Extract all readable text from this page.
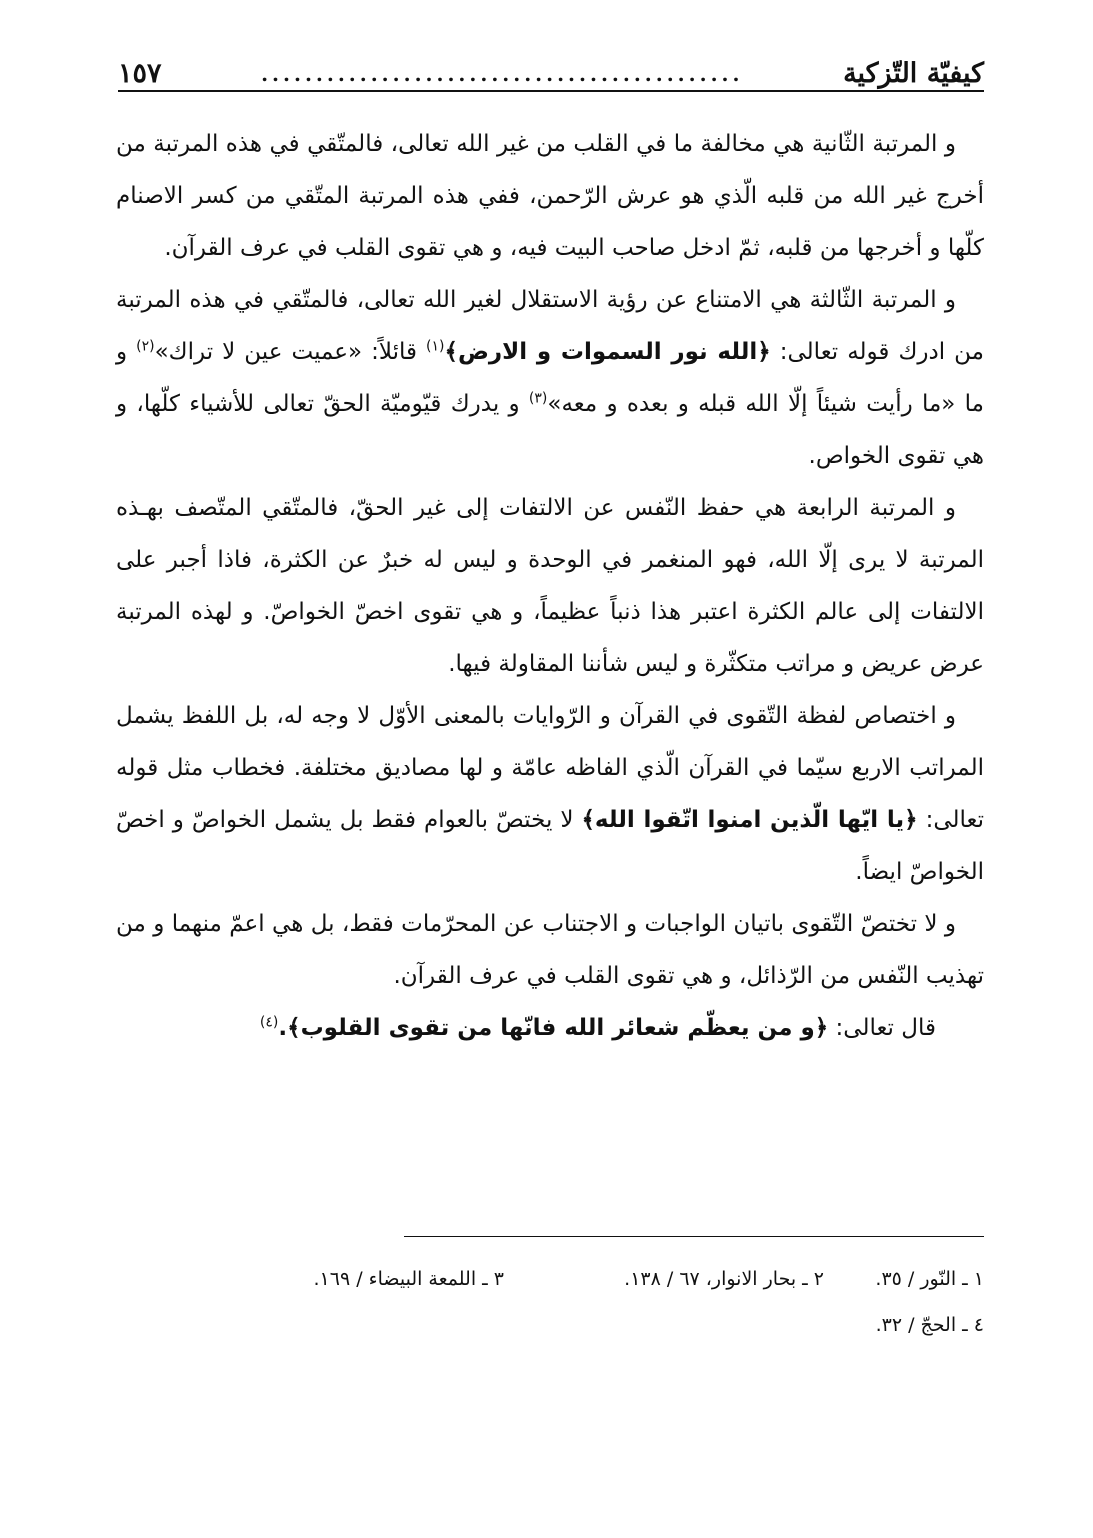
كيفيّة التّزكية
............................................
١٥٧

و المرتبة الثّانية هي مخالفة ما في القلب من غير الله تعالى، فالمتّقي في هذه المرتبة من أخرج غير الله من قلبه الّذي هو عرش الرّحمن، ففي هذه المرتبة المتّقي من كسر الاصنام كلّها و أخرجها من قلبه، ثمّ ادخل صاحب البيت فيه، و هي تقوى القلب في عرف القرآن.

و المرتبة الثّالثة هي الامتناع عن رؤية الاستقلال لغير الله تعالى، فالمتّقي في هذه المرتبة من ادرك قوله تعالى: ﴿الله نور السموات و الارض﴾$^{(١)}$ قائلاً: «عميت عين لا تراك»$^{(٢)}$ و ما «ما رأيت شيئاً إلّا الله قبله و بعده و معه»$^{(٣)}$ و يدرك قيّوميّة الحقّ تعالى للأشياء كلّها، و هي تقوى الخواص.

و المرتبة الرابعة هي حفظ النّفس عن الالتفات إلى غير الحقّ، فالمتّقي المتّصف بهـذه المرتبة لا يرى إلّا الله، فهو المنغمر في الوحدة و ليس له خبرٌ عن الكثرة، فاذا أجبر على الالتفات إلى عالم الكثرة اعتبر هذا ذنباً عظيماً، و هي تقوى اخصّ الخواصّ. و لهذه المرتبة عرض عريض و مراتب متكثّرة و ليس شأننا المقاولة فيها.

و اختصاص لفظة التّقوى في القرآن و الرّوايات بالمعنى الأوّل لا وجه له، بل اللفظ يشمل المراتب الاربع سيّما في القرآن الّذي الفاظه عامّة و لها مصاديق مختلفة. فخطاب مثل قوله تعالى: ﴿يا ايّها الّذين امنوا اتّقوا الله﴾ لا يختصّ بالعوام فقط بل يشمل الخواصّ و اخصّ الخواصّ ايضاً.

و لا تختصّ التّقوى باتيان الواجبات و الاجتناب عن المحرّمات فقط، بل هي اعمّ منهما و من تهذيب النّفس من الرّذائل، و هي تقوى القلب في عرف القرآن.

قال تعالى: ﴿و من يعظّم شعائر الله فانّها من تقوى القلوب﴾.$^{(٤)}$

١ ـ النّور / ٣٥.
٢ ـ بحار الانوار، ٦٧ / ١٣٨.
٣ ـ اللمعة البيضاء / ١٦٩.
٤ ـ الحجّ / ٣٢.
